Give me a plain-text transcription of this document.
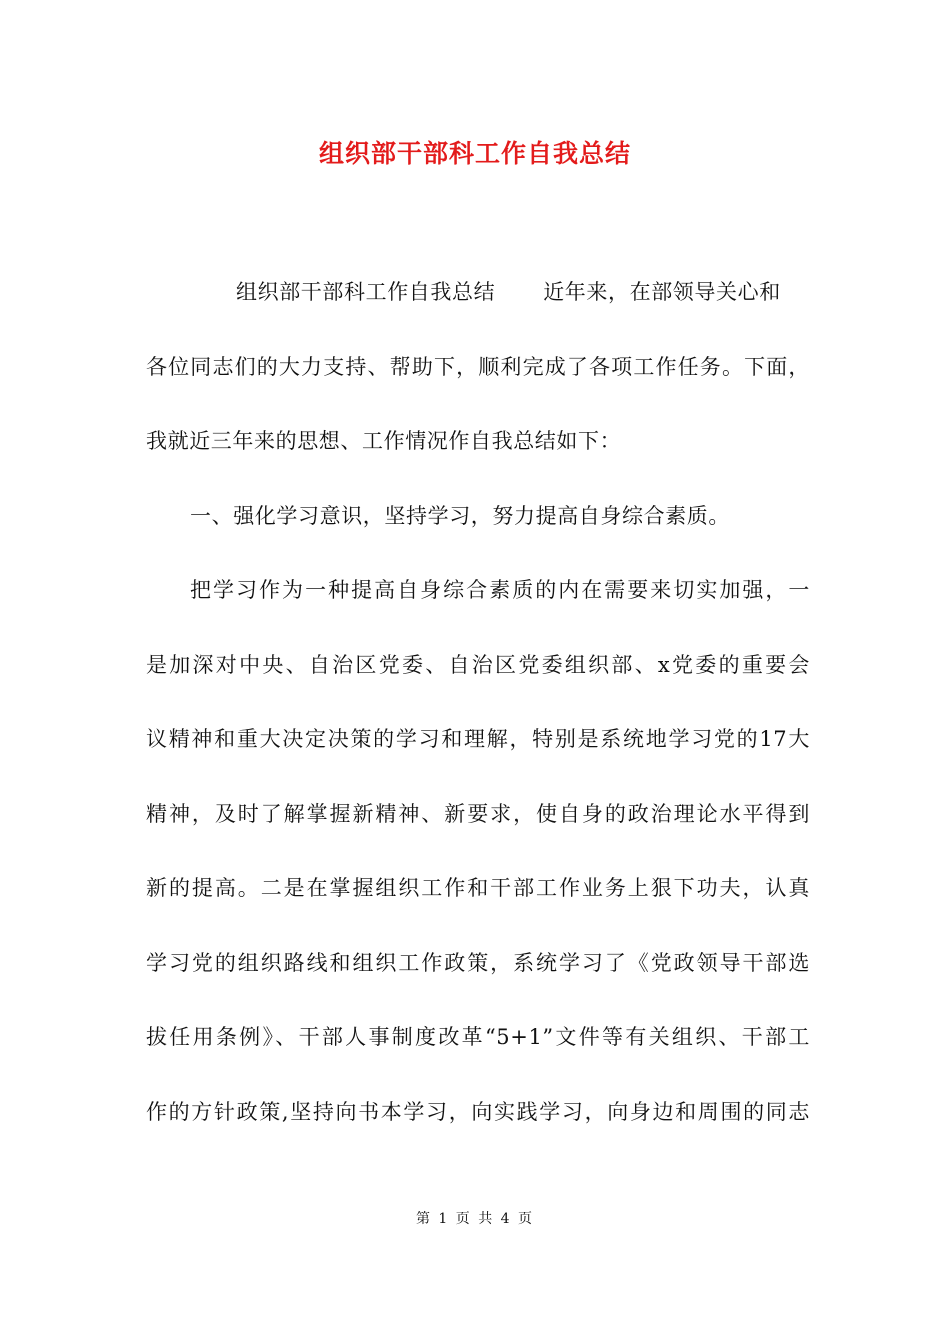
组织部干部科工作自我总结
组织部干部科工作自我总结 近年来，在部领导关心和
各位同志们的大力支持、帮助下，顺利完成了各项工作任务。下面，
我就近三年来的思想、工作情况作自我总结如下：
一、强化学习意识，坚持学习，努力提高自身综合素质。
把学习作为一种提高自身综合素质的内在需要来切实加强，一
是加深对中央、自治区党委、自治区党委组织部、x党委的重要会
议精神和重大决定决策的学习和理解，特别是系统地学习党的17大
精神，及时了解掌握新精神、新要求，使自身的政治理论水平得到
新的提高。二是在掌握组织工作和干部工作业务上狠下功夫，认真
学习党的组织路线和组织工作政策，系统学习了《党政领导干部选
拔任用条例》、干部人事制度改革“5+1”文件等有关组织、干部工
作的方针政策,坚持向书本学习，向实践学习，向身边和周围的同志
第 1 页 共 4 页
